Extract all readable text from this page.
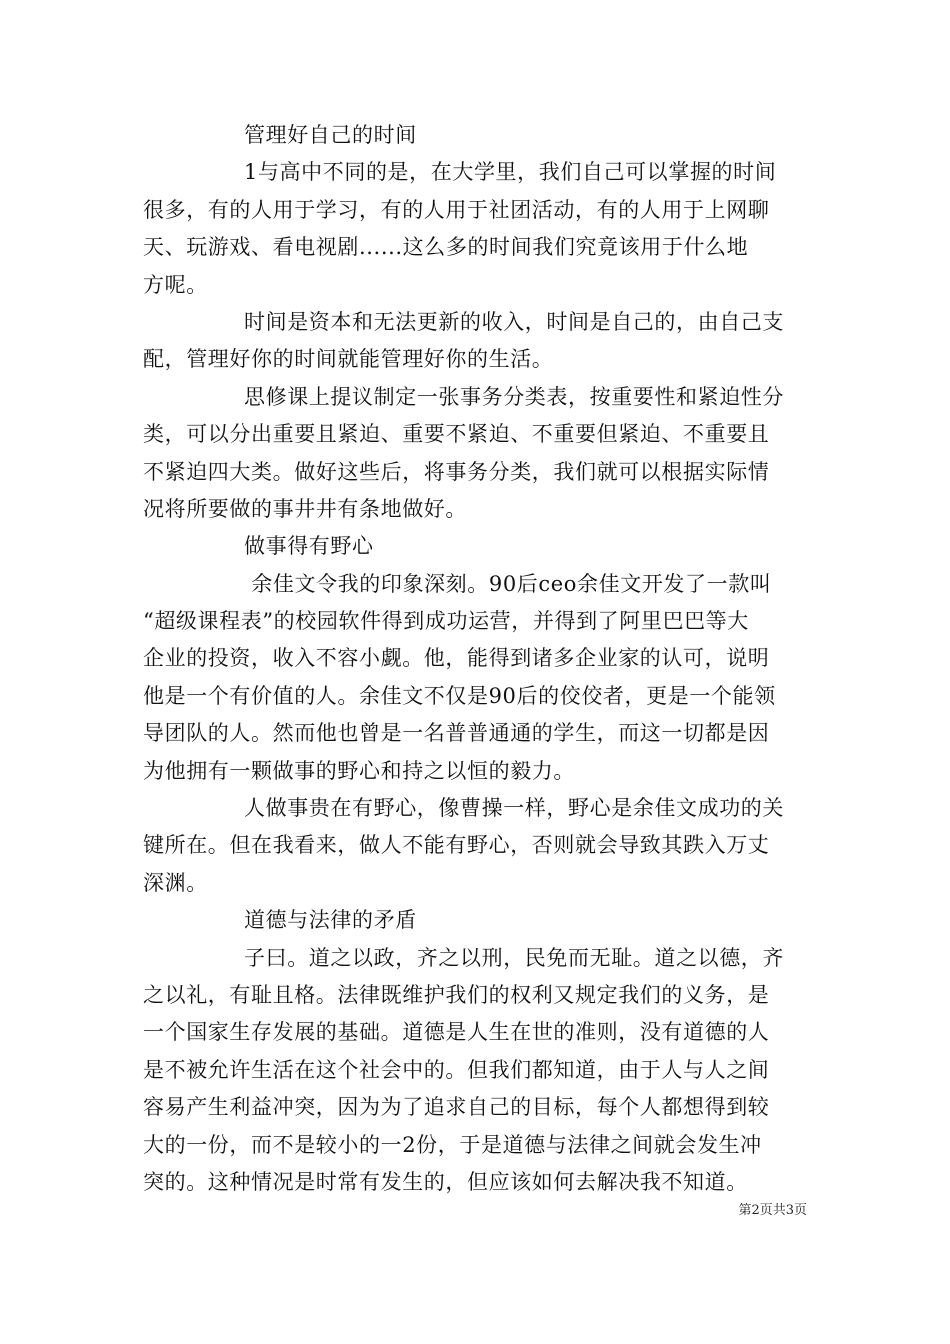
管理好自己的时间
1与高中不同的是，在大学里，我们自己可以掌握的时间
很多，有的人用于学习，有的人用于社团活动，有的人用于上网聊
天、玩游戏、看电视剧......这么多的时间我们究竟该用于什么地
方呢。
时间是资本和无法更新的收入，时间是自己的，由自己支
配，管理好你的时间就能管理好你的生活。
思修课上提议制定一张事务分类表，按重要性和紧迫性分
类，可以分出重要且紧迫、重要不紧迫、不重要但紧迫、不重要且
不紧迫四大类。做好这些后，将事务分类，我们就可以根据实际情
况将所要做的事井井有条地做好。
做事得有野心
余佳文令我的印象深刻。90后ceo余佳文开发了一款叫
“超级课程表”的校园软件得到成功运营，并得到了阿里巴巴等大
企业的投资，收入不容小觑。他，能得到诸多企业家的认可，说明
他是一个有价值的人。余佳文不仅是90后的佼佼者，更是一个能领
导团队的人。然而他也曾是一名普普通通的学生，而这一切都是因
为他拥有一颗做事的野心和持之以恒的毅力。
人做事贵在有野心，像曹操一样，野心是余佳文成功的关
键所在。但在我看来，做人不能有野心，否则就会导致其跌入万丈
深渊。
道德与法律的矛盾
子曰。道之以政，齐之以刑，民免而无耻。道之以德，齐
之以礼，有耻且格。法律既维护我们的权利又规定我们的义务，是
一个国家生存发展的基础。道德是人生在世的准则，没有道德的人
是不被允许生活在这个社会中的。但我们都知道，由于人与人之间
容易产生利益冲突，因为为了追求自己的目标，每个人都想得到较
大的一份，而不是较小的一2份，于是道德与法律之间就会发生冲
突的。这种情况是时常有发生的，但应该如何去解决我不知道。
第2页共3页
